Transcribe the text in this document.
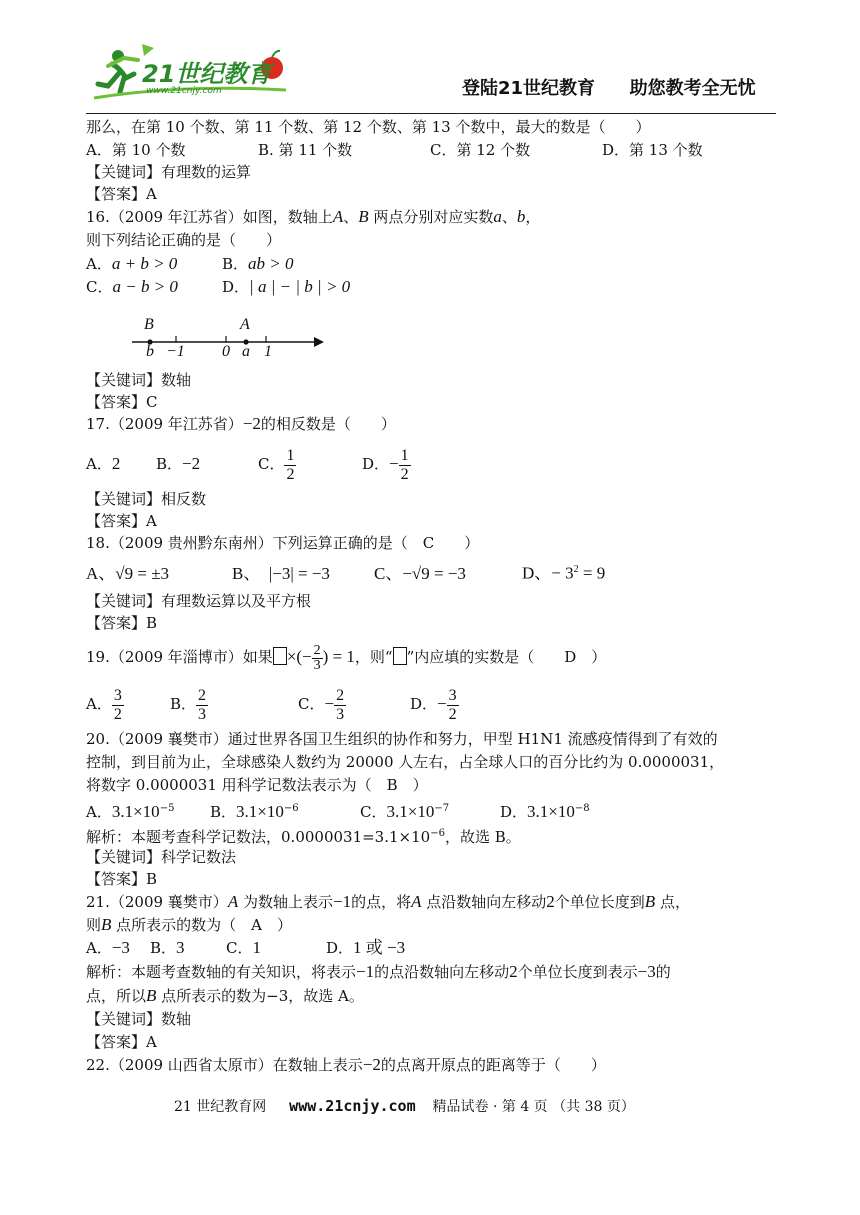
21世纪教育
www.21cnjy.com	登陆21世纪教育 助您教考全无忧
那么，在第 10 个数、第 11 个数、第 12 个数、第 13 个数中，最大的数是（　　）
A．第 10 个数	B. 第 11 个数	C．第 12 个数	D．第 13 个数
【关键词】有理数的运算
【答案】A
16.（2009 年江苏省）如图，数轴上A、B 两点分别对应实数a、b，
则下列结论正确的是（　　）
A．a + b > 0	B．ab > 0
C．a − b > 0	D．| a | − | b | > 0
B	A
b −1 0 a 1
【关键词】数轴
【答案】C
17.（2009 年江苏省）−2的相反数是（　　）
A．2 B．−2	C． $\frac{1}{2}$	D．− $\frac{1}{2}$
【关键词】相反数
【答案】A
18.（2009 贵州黔东南州）下列运算正确的是（　C　　）
A、√9 = ±3	B、　|−3| = −3	C、−√9 = −3	D、− $3^2 = 9$
【关键词】有理数运算以及平方根
【答案】B
19.（2009 年淄博市）如果 ×(− $\frac{2}{3}$ ) = 1，则“ ”内应填的实数是（　　D　）
A． $\frac{3}{2}$	B． $\frac{2}{3}$	C．− $\frac{2}{3}$	D．− $\frac{3}{2}$
20.（2009 襄樊市）通过世界各国卫生组织的协作和努力，甲型 H1N1 流感疫情得到了有效的
控制，到目前为止，全球感染人数约为 20000 人左右，占全球人口的百分比约为 0.0000031，
将数字 0.0000031 用科学记数法表示为（　B　）
A．$3.1\times 10^{-5}$ B．$3.1\times 10^{-6}$	C．$3.1\times 10^{-7}$	D．$3.1\times 10^{-8}$
解析：本题考查科学记数法，$0.0000031=3.1\times 10^{-6}$，故选 B。
【关键词】科学记数法
【答案】B
21.（2009 襄樊市）A 为数轴上表示−1的点，将A 点沿数轴向左移动2个单位长度到B 点，
则B 点所表示的数为（　A　）
A．−3 B．3	C．1	D．1 或 −3
解析：本题考查数轴的有关知识，将表示−1的点沿数轴向左移动2个单位长度到表示−3的
点，所以B 点所表示的数为−3，故选 A。
【关键词】数轴
【答案】A
22.（2009 山西省太原市）在数轴上表示−2的点离开原点的距离等于（　　）
21 世纪教育网 www.21cnjy.com 精品试卷 · 第 4 页 （共 38 页）
